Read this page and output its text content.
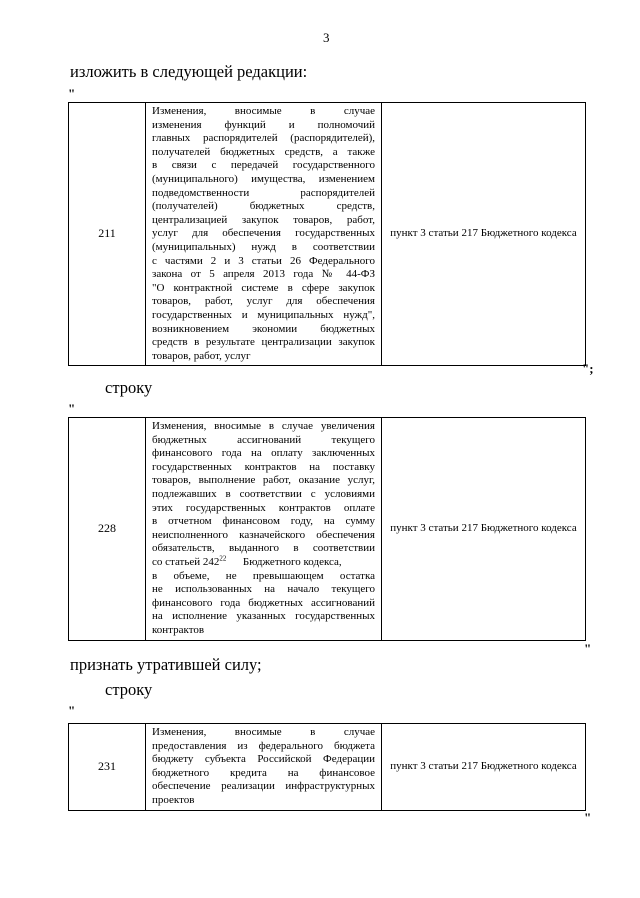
3
изложить в следующей редакции:
"
211	
Изменения, вносимые в случае
изменения функций и полномочий
главных распорядителей (распорядителей),
получателей бюджетных средств, а также
в связи с передачей государственного
(муниципального) имущества, изменением
подведомственности распорядителей
(получателей) бюджетных средств,
централизацией закупок товаров, работ,
услуг для обеспечения государственных
(муниципальных) нужд в соответствии
с частями 2 и 3 статьи 26 Федерального
закона от 5 апреля 2013 года № 44-ФЗ
"О контрактной системе в сфере закупок
товаров, работ, услуг для обеспечения
государственных и муниципальных нужд",
возникновением экономии бюджетных
средств в результате централизации закупок
товаров, работ, услуг
	пункт 3 статьи 217 Бюджетного кодекса
";
строку
"
228	
Изменения, вносимые в случае увеличения
бюджетных ассигнований текущего
финансового года на оплату заключенных
государственных контрактов на поставку
товаров, выполнение работ, оказание услуг,
подлежавших в соответствии с условиями
этих государственных контрактов оплате
в отчетном финансовом году, на сумму
неисполненного казначейского обеспечения
обязательств, выданного в соответствии
со статьей $242^{22}$ Бюджетного кодекса,
в объеме, не превышающем остатка
не использованных на начало текущего
финансового года бюджетных ассигнований
на исполнение указанных государственных
контрактов
	пункт 3 статьи 217 Бюджетного кодекса
"
признать утратившей силу;
строку
"
231	
Изменения, вносимые в случае
предоставления из федерального бюджета
бюджету субъекта Российской Федерации
бюджетного кредита на финансовое
обеспечение реализации инфраструктурных
проектов
	пункт 3 статьи 217 Бюджетного кодекса
"
